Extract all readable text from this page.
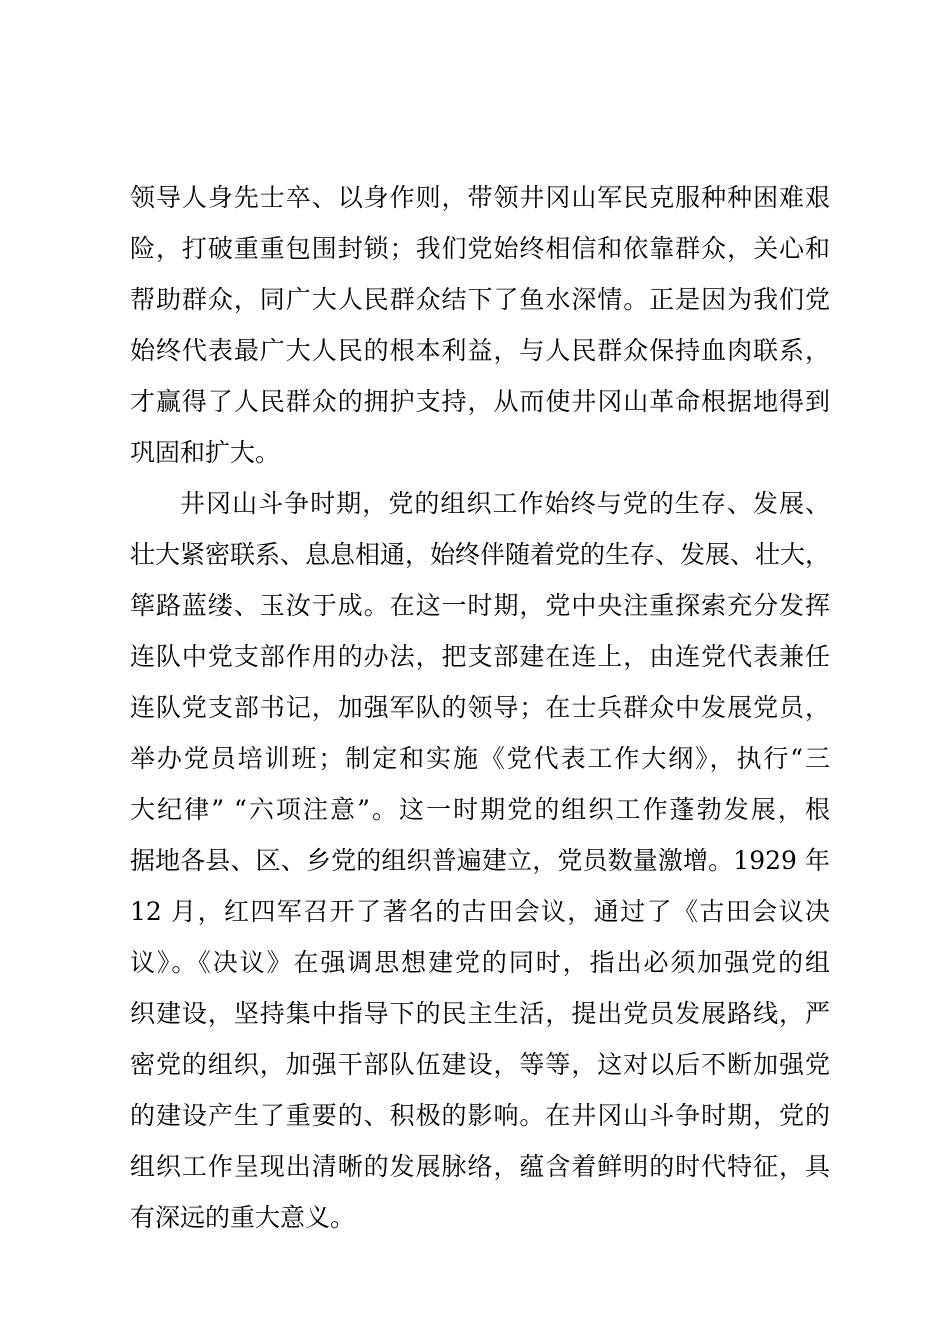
领导人身先士卒、以身作则，带领井冈山军民克服种种困难艰
险，打破重重包围封锁；我们党始终相信和依靠群众，关心和
帮助群众，同广大人民群众结下了鱼水深情。正是因为我们党
始终代表最广大人民的根本利益，与人民群众保持血肉联系，
才赢得了人民群众的拥护支持，从而使井冈山革命根据地得到
巩固和扩大。
井冈山斗争时期，党的组织工作始终与党的生存、发展、
壮大紧密联系、息息相通，始终伴随着党的生存、发展、壮大，
筚路蓝缕、玉汝于成。在这一时期，党中央注重探索充分发挥
连队中党支部作用的办法，把支部建在连上，由连党代表兼任
连队党支部书记，加强军队的领导；在士兵群众中发展党员，
举办党员培训班；制定和实施《党代表工作大纲》，执行“三
大纪律” “六项注意”。这一时期党的组织工作蓬勃发展，根
据地各县、区、乡党的组织普遍建立，党员数量激增。1929 年
12 月，红四军召开了著名的古田会议，通过了《古田会议决
议》。《决议》在强调思想建党的同时，指出必须加强党的组
织建设，坚持集中指导下的民主生活，提出党员发展路线，严
密党的组织，加强干部队伍建设，等等，这对以后不断加强党
的建设产生了重要的、积极的影响。在井冈山斗争时期，党的
组织工作呈现出清晰的发展脉络，蕴含着鲜明的时代特征，具
有深远的重大意义。
